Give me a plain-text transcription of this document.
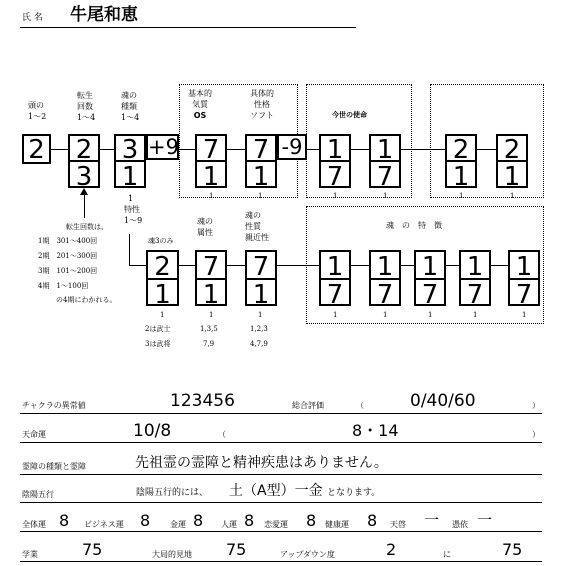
氏 名 牛尾和恵
頭の
1〜2
転生
回数
1〜4
魂の
種類
1〜4
基本的
気質
OS
具体的
性格
ソフト	今世の使命
2 2
3
3
1
+9 7
1
7
1
-9 1
7
1
7
2
1
2
1
1	1	1	1	1	1
1
特性
1〜9
転生回数は、
1期　301〜400回
2期　201〜300回
3期　101〜200回
4期　1〜100回
の4期にわかれる。
魂3のみ
魂の
属性
魂の
性質
親近性
魂　の　特　徴
2
1
7
1
7
1
1
7
1
7
1
7
1
7
1
7
1	1	1	1	1	1	1	1
2は武士
3は武将
1,3,5
7,9
1,2,3
4,7,9
チャクラの異常値	123456	総合評価	（	0/40/60	）
天命運	10/8	（	8・14	）
霊障の種類と霊障	先祖霊の霊障と精神疾患はありません。
陰陽五行	陰陽五行的には、 土（A型）一金 となります。
全体運 8 ビジネス運 8 金運 8 人運 8 恋愛運 8 健康運 8 天啓 一 憑依 一
学業	75	大局的見地 75	アップダウン度	2	に	75
